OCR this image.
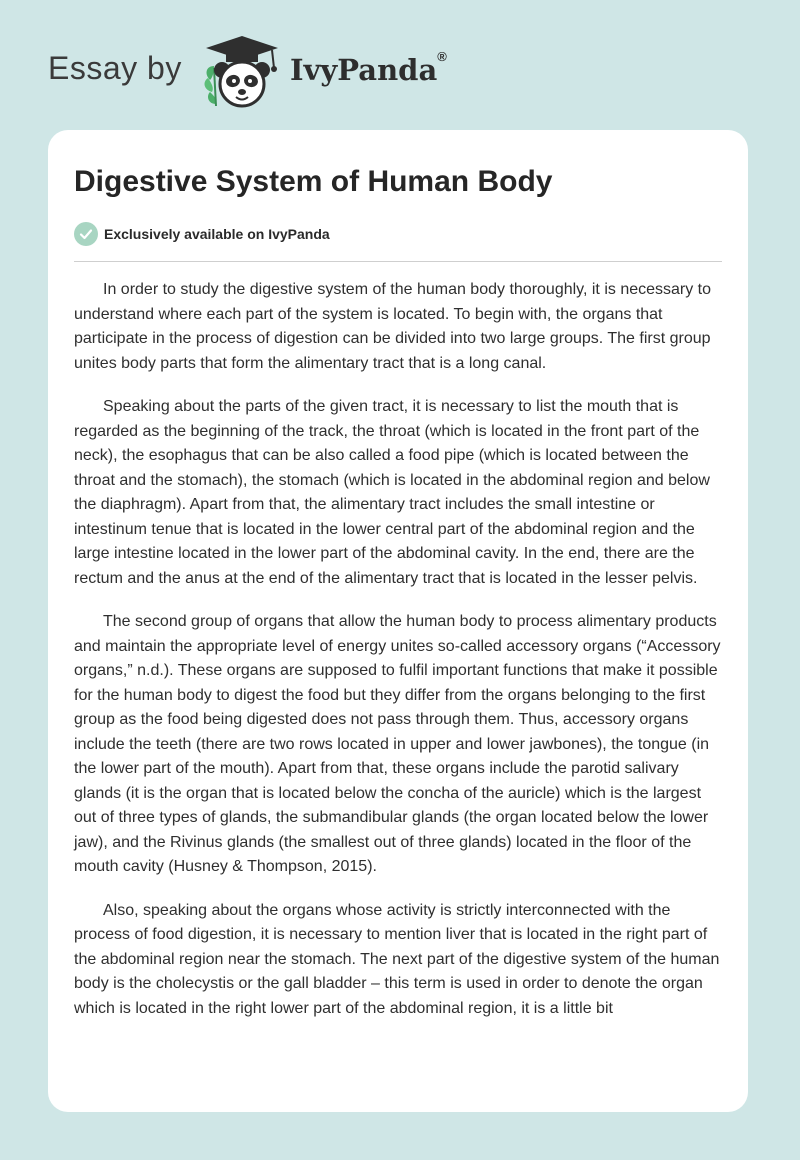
Essay by	IvyPanda®
Digestive System of Human Body
Exclusively available on IvyPanda

In order to study the digestive system of the human body thoroughly, it is necessary to understand where each part of the system is located. To begin with, the organs that participate in the process of digestion can be divided into two large groups. The first group unites body parts that form the alimentary tract that is a long canal.

Speaking about the parts of the given tract, it is necessary to list the mouth that is regarded as the beginning of the track, the throat (which is located in the front part of the neck), the esophagus that can be also called a food pipe (which is located between the throat and the stomach), the stomach (which is located in the abdominal region and below the diaphragm). Apart from that, the alimentary tract includes the small intestine or intestinum tenue that is located in the lower central part of the abdominal region and the large intestine located in the lower part of the abdominal cavity. In the end, there are the rectum and the anus at the end of the alimentary tract that is located in the lesser pelvis.

The second group of organs that allow the human body to process alimentary products and maintain the appropriate level of energy unites so-called accessory organs (“Accessory organs,” n.d.). These organs are supposed to fulfil important functions that make it possible for the human body to digest the food but they differ from the organs belonging to the first group as the food being digested does not pass through them. Thus, accessory organs include the teeth (there are two rows located in upper and lower jawbones), the tongue (in the lower part of the mouth). Apart from that, these organs include the parotid salivary glands (it is the organ that is located below the concha of the auricle) which is the largest out of three types of glands, the submandibular glands (the organ located below the lower jaw), and the Rivinus glands (the smallest out of three glands) located in the floor of the mouth cavity (Husney & Thompson, 2015).

Also, speaking about the organs whose activity is strictly interconnected with the process of food digestion, it is necessary to mention liver that is located in the right part of the abdominal region near the stomach. The next part of the digestive system of the human body is the cholecystis or the gall bladder – this term is used in order to denote the organ which is located in the right lower part of the abdominal region, it is a little bit
